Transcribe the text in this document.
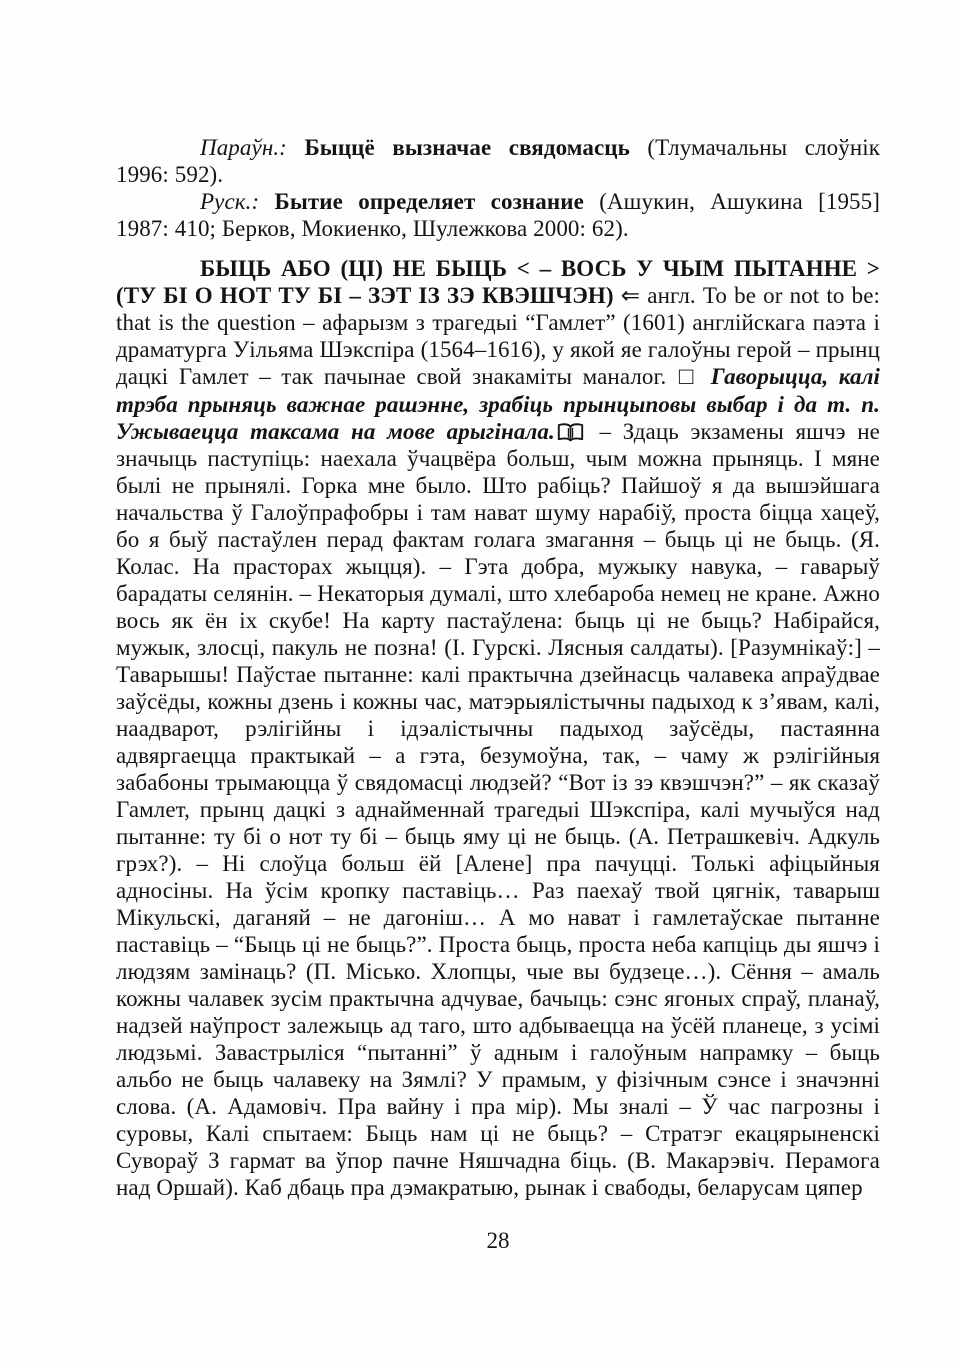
Параўн.: Быццё вызначае свядомасць (Тлумачальны слоўнік 1996: 592).

Руск.: Бытие определяет сознание (Ашукин, Ашукина [1955] 1987: 410; Берков, Мокиенко, Шулежкова 2000: 62).

БЫЦЬ АБО (ЦІ) НЕ БЫЦЬ < – ВОСЬ У ЧЫМ ПЫТАННЕ > (ТУ БІ О НОТ ТУ БІ – ЗЭТ ІЗ ЗЭ КВЭШЧЭН) ⇐ англ. To be or not to be: that is the question – афарызм з трагедыі “Гамлет” (1601) англійскага паэта і драматурга Уільяма Шэкспіра (1564–1616), у якой яе галоўны герой – прынц дацкі Гамлет – так пачынае свой знакаміты маналог. □ Гаворыцца, калі трэба прыняць важнае рашэнне, зрабіць прынцыповы выбар і да т. п. Ужываецца таксама на мове арыгінала. – Здаць экзамены яшчэ не значыць паступіць: наехала ўчацвёра больш, чым можна прыняць. І мяне былі не прынялі. Горка мне было. Што рабіць? Пайшоў я да вышэйшага начальства ў Галоўпрафобры і там нават шуму нарабіў, проста біцца хацеў, бо я быў пастаўлен перад фактам голага змагання – быць ці не быць. (Я. Колас. На прасторах жыцця). – Гэта добра, мужыку навука, – гаварыў барадаты селянін. – Некаторыя думалі, што хлебароба немец не кране. Ажно вось як ён іх скубе! На карту пастаўлена: быць ці не быць? Набірайся, мужык, злосці, пакуль не позна! (І. Гурскі. Лясныя салдаты). [Разумнікаў:] – Таварышы! Паўстае пытанне: калі практычна дзейнасць чалавека апраўдвае заўсёды, кожны дзень і кожны час, матэрыялістычны падыход к з’явам, калі, наадварот, рэлігійны і ідэалістычны падыход заўсёды, пастаянна адвяргаецца практыкай – а гэта, безумоўна, так, – чаму ж рэлігійныя забабоны трымаюцца ў свядомасці людзей? “Вот із зэ квэшчэн?” – як сказаў Гамлет, прынц дацкі з аднайменнай трагедыі Шэкспіра, калі мучыўся над пытанне: ту бі о нот ту бі – быць яму ці не быць. (А. Петрашкевіч. Адкуль грэх?). – Ні слоўца больш ёй [Алене] пра пачуцці. Толькі афіцыйныя адносіны. На ўсім кропку паставіць… Раз паехаў твой цягнік, таварыш Мікульскі, даганяй – не дагоніш… А мо нават і гамлетаўскае пытанне паставіць – “Быць ці не быць?”. Проста быць, проста неба капціць ды яшчэ і людзям замінаць? (П. Місько. Хлопцы, чые вы будзеце…). Сёння – амаль кожны чалавек зусім практычна адчувае, бачыць: сэнс ягоных спраў, планаў, надзей наўпрост залежыць ад таго, што адбываецца на ўсёй планеце, з усімі людзьмі. Завастрыліся “пытанні” ў адным і галоўным напрамку – быць альбо не быць чалавеку на Зямлі? У прамым, у фізічным сэнсе і значэнні слова. (А. Адамовіч. Пра вайну і пра мір). Мы зналі – Ў час пагрозны і суровы, Калі спытаем: Быць нам ці не быць? – Стратэг екацярыненскі Сувораў З гармат ва ўпор пачне Няшчадна біць. (В. Макарэвіч. Перамога над Оршай). Каб дбаць пра дэмакратыю, рынак і свабоды, беларусам цяпер

28
